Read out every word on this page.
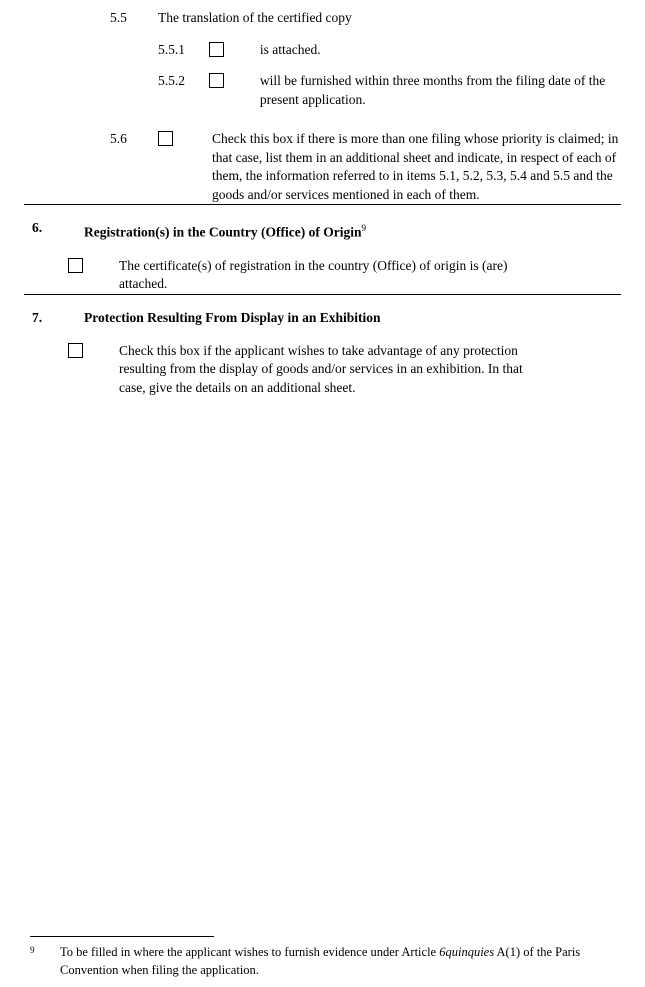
5.5	The translation of the certified copy
5.5.1	is attached.
5.5.2	will be furnished within three months from the filing date of the present application.
5.6	Check this box if there is more than one filing whose priority is claimed; in that case, list them in an additional sheet and indicate, in respect of each of them, the information referred to in items 5.1, 5.2, 5.3, 5.4 and 5.5 and the goods and/or services mentioned in each of them.
6.	Registration(s) in the Country (Office) of Origin$^9$
The certificate(s) of registration in the country (Office) of origin is (are) attached.
7.	Protection Resulting From Display in an Exhibition
Check this box if the applicant wishes to take advantage of any protection resulting from the display of goods and/or services in an exhibition. In that case, give the details on an additional sheet.
9	To be filled in where the applicant wishes to furnish evidence under Article 6quinquies A(1) of the Paris Convention when filing the application.
